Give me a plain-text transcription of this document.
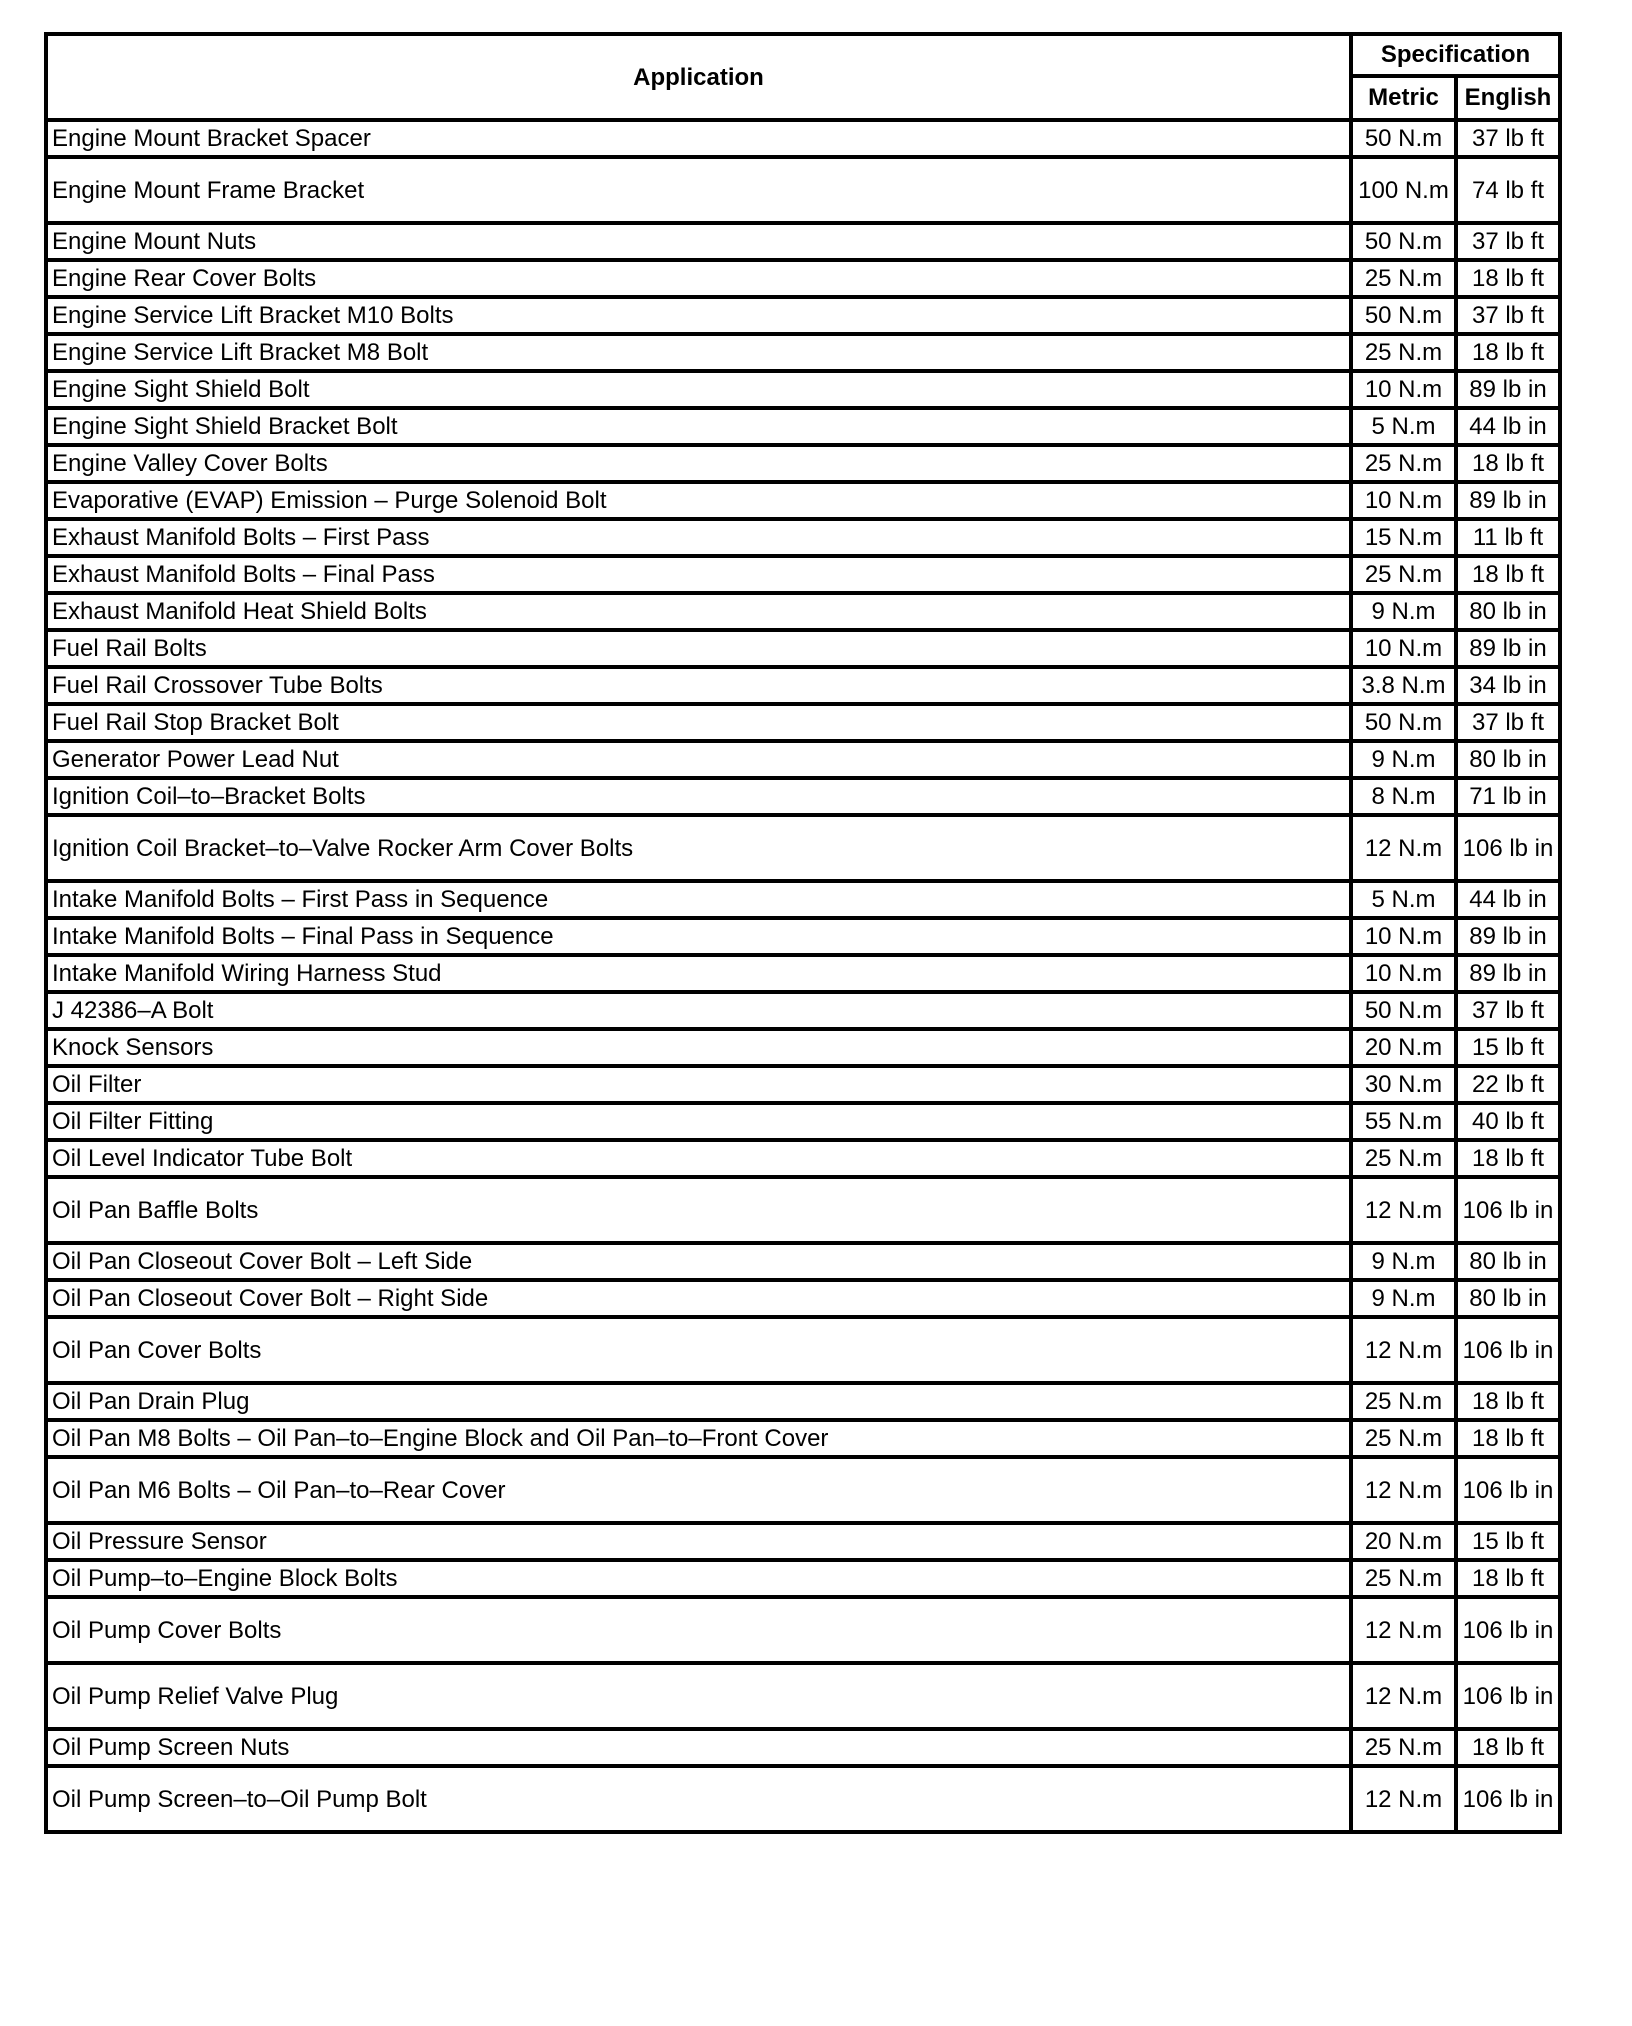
Application	Specification	
	Metric	English
Engine Mount Bracket Spacer	50 N.m	37 lb ft
Engine Mount Frame Bracket	100 N.m	74 lb ft
Engine Mount Nuts	50 N.m	37 lb ft
Engine Rear Cover Bolts	25 N.m	18 lb ft
Engine Service Lift Bracket M10 Bolts	50 N.m	37 lb ft
Engine Service Lift Bracket M8 Bolt	25 N.m	18 lb ft
Engine Sight Shield Bolt	10 N.m	89 lb in
Engine Sight Shield Bracket Bolt	5 N.m	44 lb in
Engine Valley Cover Bolts	25 N.m	18 lb ft
Evaporative (EVAP) Emission – Purge Solenoid Bolt	10 N.m	89 lb in
Exhaust Manifold Bolts – First Pass	15 N.m	11 lb ft
Exhaust Manifold Bolts – Final Pass	25 N.m	18 lb ft
Exhaust Manifold Heat Shield Bolts	9 N.m	80 lb in
Fuel Rail Bolts	10 N.m	89 lb in
Fuel Rail Crossover Tube Bolts	3.8 N.m	34 lb in
Fuel Rail Stop Bracket Bolt	50 N.m	37 lb ft
Generator Power Lead Nut	9 N.m	80 lb in
Ignition Coil–to–Bracket Bolts	8 N.m	71 lb in
Ignition Coil Bracket–to–Valve Rocker Arm Cover Bolts	12 N.m	106 lb in
Intake Manifold Bolts – First Pass in Sequence	5 N.m	44 lb in
Intake Manifold Bolts – Final Pass in Sequence	10 N.m	89 lb in
Intake Manifold Wiring Harness Stud	10 N.m	89 lb in
J 42386–A Bolt	50 N.m	37 lb ft
Knock Sensors	20 N.m	15 lb ft
Oil Filter	30 N.m	22 lb ft
Oil Filter Fitting	55 N.m	40 lb ft
Oil Level Indicator Tube Bolt	25 N.m	18 lb ft
Oil Pan Baffle Bolts	12 N.m	106 lb in
Oil Pan Closeout Cover Bolt – Left Side	9 N.m	80 lb in
Oil Pan Closeout Cover Bolt – Right Side	9 N.m	80 lb in
Oil Pan Cover Bolts	12 N.m	106 lb in
Oil Pan Drain Plug	25 N.m	18 lb ft
Oil Pan M8 Bolts – Oil Pan–to–Engine Block and Oil Pan–to–Front Cover	25 N.m	18 lb ft
Oil Pan M6 Bolts – Oil Pan–to–Rear Cover	12 N.m	106 lb in
Oil Pressure Sensor	20 N.m	15 lb ft
Oil Pump–to–Engine Block Bolts	25 N.m	18 lb ft
Oil Pump Cover Bolts	12 N.m	106 lb in
Oil Pump Relief Valve Plug	12 N.m	106 lb in
Oil Pump Screen Nuts	25 N.m	18 lb ft
Oil Pump Screen–to–Oil Pump Bolt	12 N.m	106 lb in
